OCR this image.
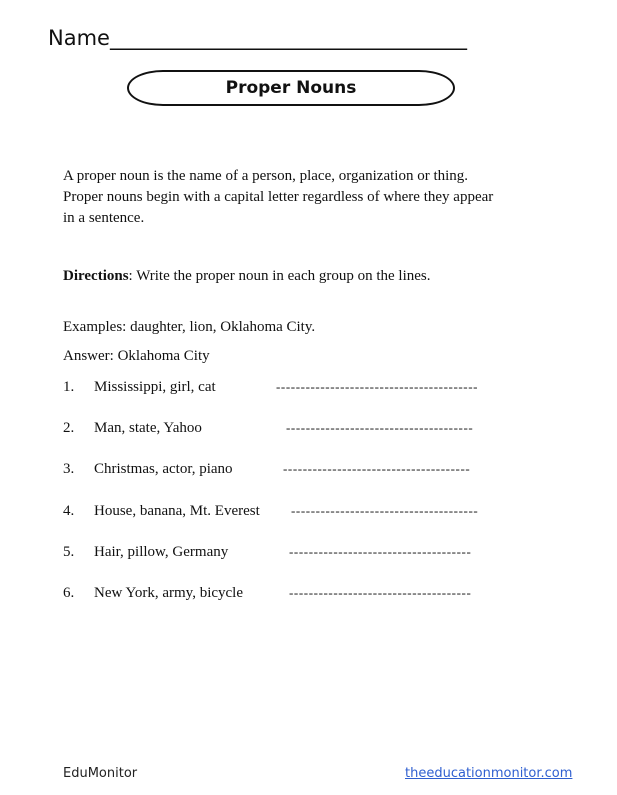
Name__________________________________
Proper Nouns
A proper noun is the name of a person, place, organization or thing. Proper nouns begin with a capital letter regardless of where they appear in a sentence.
Directions: Write the proper noun in each group on the lines.
Examples: daughter, lion, Oklahoma City.
Answer: Oklahoma City
1. Mississippi, girl, cat	-----------------------------------------
2. Man, state, Yahoo	--------------------------------------
3. Christmas, actor, piano	--------------------------------------
4. House, banana, Mt. Everest --------------------------------------
5. Hair, pillow, Germany	-------------------------------------
6. New York, army, bicycle	-------------------------------------
EduMonitor	theeducationmonitor.com
